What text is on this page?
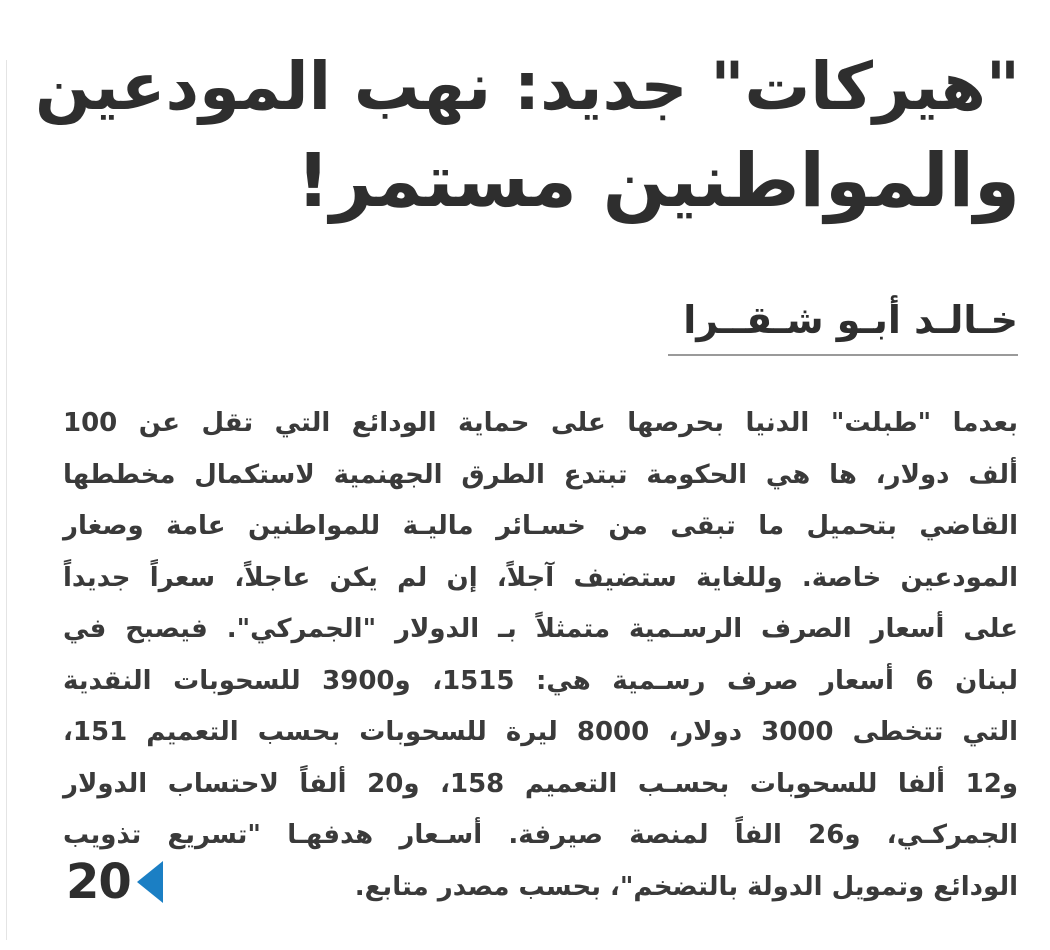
"هيركات" جديد: نهب المودعين
والمواطنين مستمر!
خـالـد أبـو شـقــرا

بعدما "طبلت" الدنيا بحرصها على حماية الودائع التي تقل عن 100
ألف دولار، ها هي الحكومة تبتدع الطرق الجهنمية لاستكمال مخططها
القاضي بتحميل ما تبقى من خسـائر ماليـة للمواطنين عامة وصغار
المودعين خاصة. وللغاية ستضيف آجلاً، إن لم يكن عاجلاً، سعراً جديداً
على أسعار الصرف الرسـمية متمثلاً بـ الدولار "الجمركي". فيصبح في
لبنان 6 أسعار صرف رسـمية هي: 1515، و3900 للسحوبات النقدية
التي تتخطى 3000 دولار، 8000 ليرة للسحوبات بحسب التعميم 151،
و12 ألفا للسحوبات بحسـب التعميم 158، و20 ألفاً لاحتساب الدولار
الجمركـي، و26 الفاً لمنصة صيرفة. أسـعار هدفهـا "تسريع تذويب
الودائع وتمويل الدولة بالتضخم"، بحسب مصدر متابع.

20
